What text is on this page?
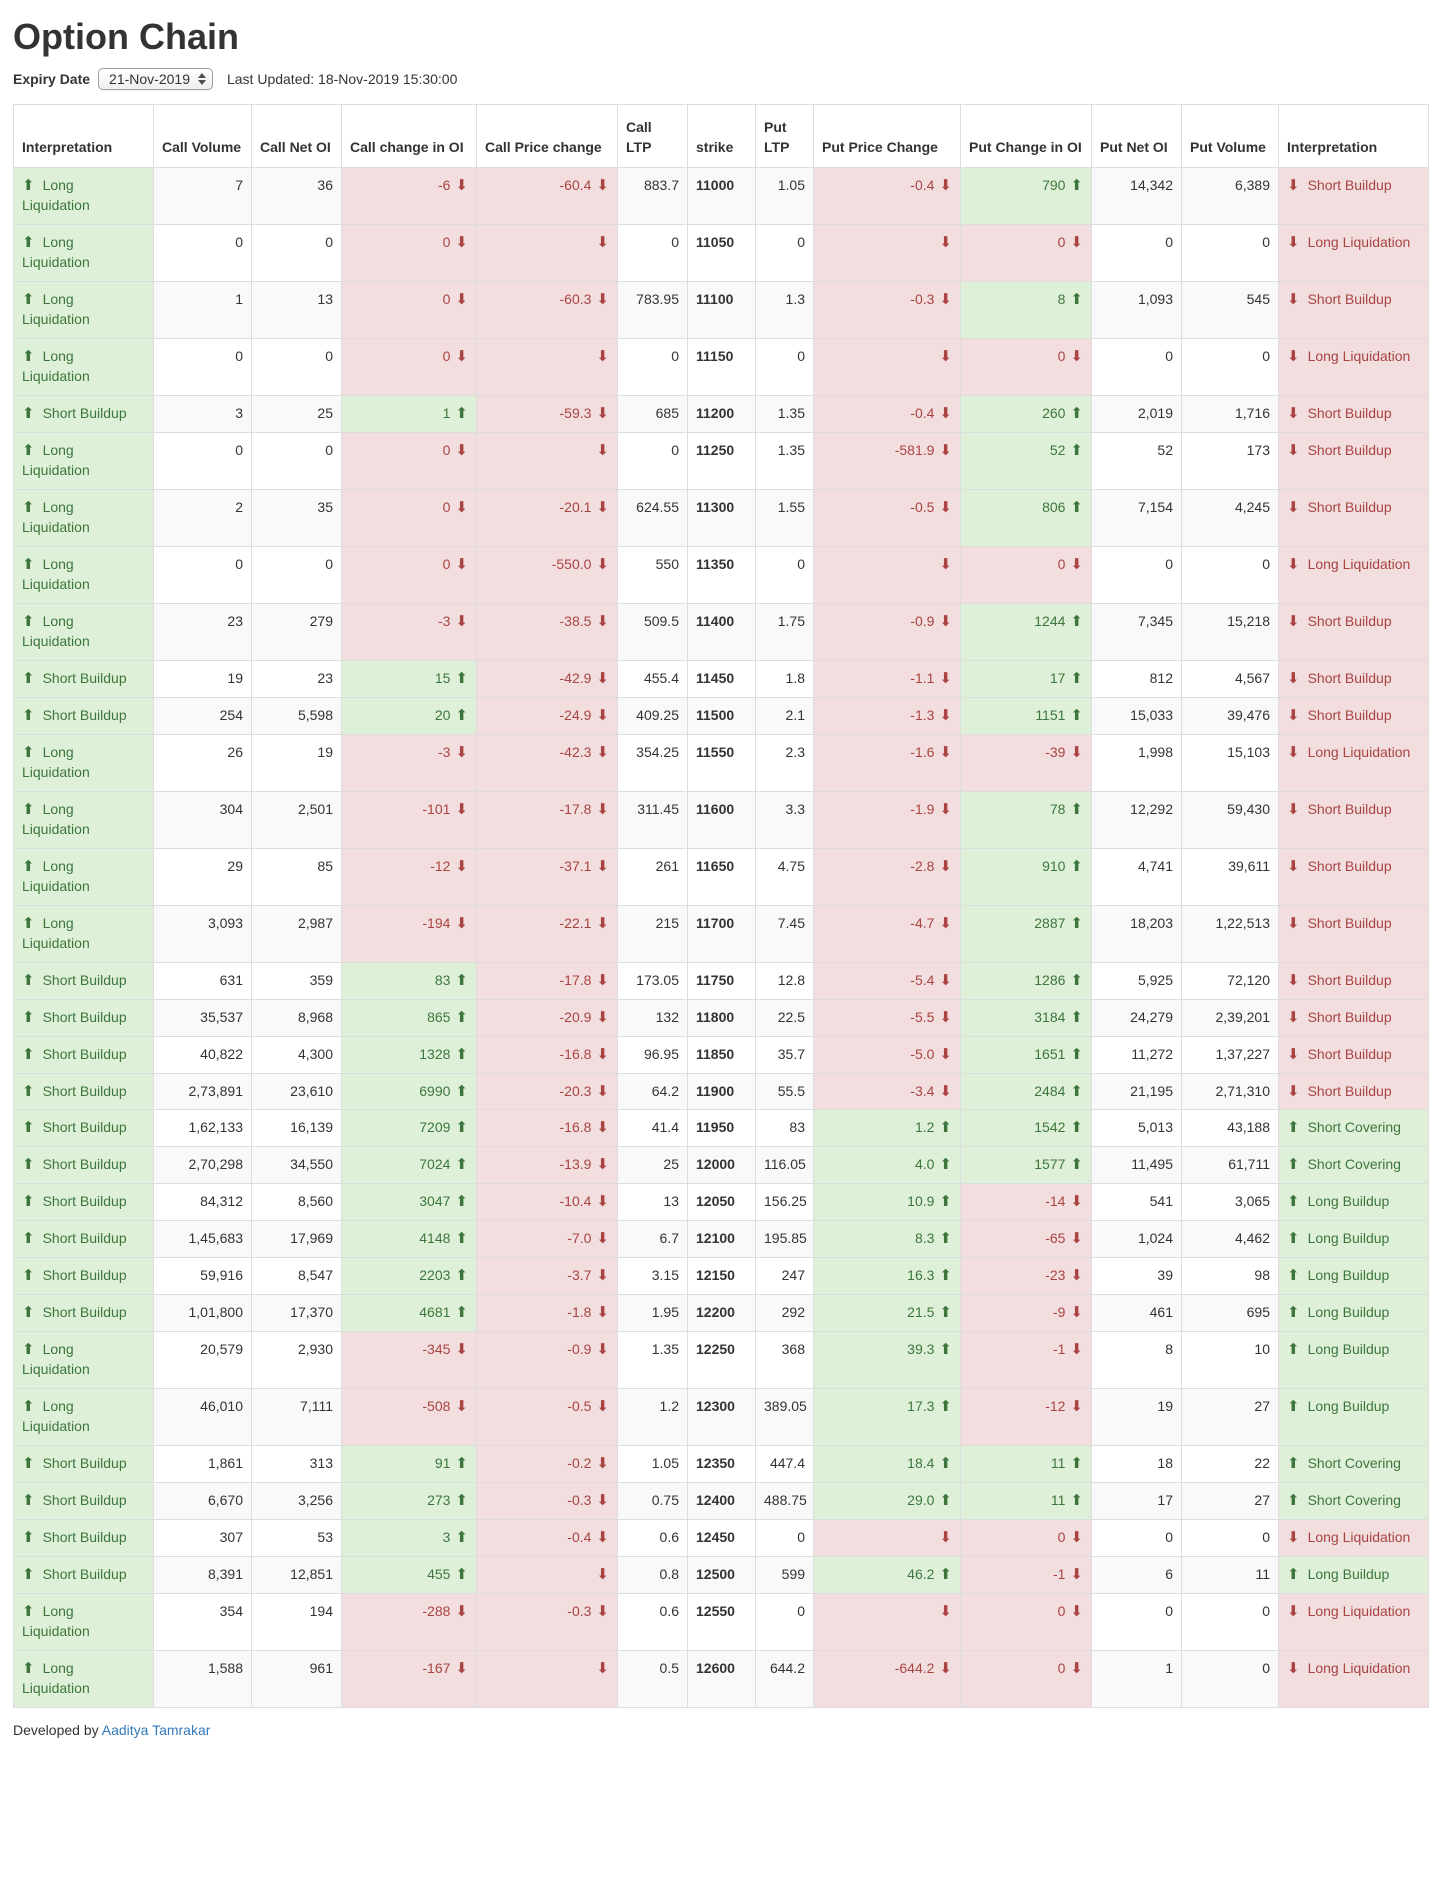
Option Chain
Expiry Date 21-Nov-2019	Last Updated: 18-Nov-2019 15:30:00
Interpretation	Call Volume	Call Net OI	Call change in OI	Call Price change	Call LTP	strike	Put LTP	Put Price Change	Put Change in OI	Put Net OI	Put Volume	Interpretation
⬆ Long Liquidation	7	36	-6 ⬇	-60.4 ⬇	883.7	11000	1.05	-0.4 ⬇	790 ⬆	14,342	6,389	⬇ Short Buildup
⬆ Long Liquidation	0	0	0 ⬇	⬇	0	11050	0	⬇	0 ⬇	0	0	⬇ Long Liquidation
⬆ Long Liquidation	1	13	0 ⬇	-60.3 ⬇	783.95	11100	1.3	-0.3 ⬇	8 ⬆	1,093	545	⬇ Short Buildup
⬆ Long Liquidation	0	0	0 ⬇	⬇	0	11150	0	⬇	0 ⬇	0	0	⬇ Long Liquidation
⬆ Short Buildup	3	25	1 ⬆	-59.3 ⬇	685	11200	1.35	-0.4 ⬇	260 ⬆	2,019	1,716	⬇ Short Buildup
⬆ Long Liquidation	0	0	0 ⬇	⬇	0	11250	1.35	-581.9 ⬇	52 ⬆	52	173	⬇ Short Buildup
⬆ Long Liquidation	2	35	0 ⬇	-20.1 ⬇	624.55	11300	1.55	-0.5 ⬇	806 ⬆	7,154	4,245	⬇ Short Buildup
⬆ Long Liquidation	0	0	0 ⬇	-550.0 ⬇	550	11350	0	⬇	0 ⬇	0	0	⬇ Long Liquidation
⬆ Long Liquidation	23	279	-3 ⬇	-38.5 ⬇	509.5	11400	1.75	-0.9 ⬇	1244 ⬆	7,345	15,218	⬇ Short Buildup
⬆ Short Buildup	19	23	15 ⬆	-42.9 ⬇	455.4	11450	1.8	-1.1 ⬇	17 ⬆	812	4,567	⬇ Short Buildup
⬆ Short Buildup	254	5,598	20 ⬆	-24.9 ⬇	409.25	11500	2.1	-1.3 ⬇	1151 ⬆	15,033	39,476	⬇ Short Buildup
⬆ Long Liquidation	26	19	-3 ⬇	-42.3 ⬇	354.25	11550	2.3	-1.6 ⬇	-39 ⬇	1,998	15,103	⬇ Long Liquidation
⬆ Long Liquidation	304	2,501	-101 ⬇	-17.8 ⬇	311.45	11600	3.3	-1.9 ⬇	78 ⬆	12,292	59,430	⬇ Short Buildup
⬆ Long Liquidation	29	85	-12 ⬇	-37.1 ⬇	261	11650	4.75	-2.8 ⬇	910 ⬆	4,741	39,611	⬇ Short Buildup
⬆ Long Liquidation	3,093	2,987	-194 ⬇	-22.1 ⬇	215	11700	7.45	-4.7 ⬇	2887 ⬆	18,203	1,22,513	⬇ Short Buildup
⬆ Short Buildup	631	359	83 ⬆	-17.8 ⬇	173.05	11750	12.8	-5.4 ⬇	1286 ⬆	5,925	72,120	⬇ Short Buildup
⬆ Short Buildup	35,537	8,968	865 ⬆	-20.9 ⬇	132	11800	22.5	-5.5 ⬇	3184 ⬆	24,279	2,39,201	⬇ Short Buildup
⬆ Short Buildup	40,822	4,300	1328 ⬆	-16.8 ⬇	96.95	11850	35.7	-5.0 ⬇	1651 ⬆	11,272	1,37,227	⬇ Short Buildup
⬆ Short Buildup	2,73,891	23,610	6990 ⬆	-20.3 ⬇	64.2	11900	55.5	-3.4 ⬇	2484 ⬆	21,195	2,71,310	⬇ Short Buildup
⬆ Short Buildup	1,62,133	16,139	7209 ⬆	-16.8 ⬇	41.4	11950	83	1.2 ⬆	1542 ⬆	5,013	43,188	⬆ Short Covering
⬆ Short Buildup	2,70,298	34,550	7024 ⬆	-13.9 ⬇	25	12000	116.05	4.0 ⬆	1577 ⬆	11,495	61,711	⬆ Short Covering
⬆ Short Buildup	84,312	8,560	3047 ⬆	-10.4 ⬇	13	12050	156.25	10.9 ⬆	-14 ⬇	541	3,065	⬆ Long Buildup
⬆ Short Buildup	1,45,683	17,969	4148 ⬆	-7.0 ⬇	6.7	12100	195.85	8.3 ⬆	-65 ⬇	1,024	4,462	⬆ Long Buildup
⬆ Short Buildup	59,916	8,547	2203 ⬆	-3.7 ⬇	3.15	12150	247	16.3 ⬆	-23 ⬇	39	98	⬆ Long Buildup
⬆ Short Buildup	1,01,800	17,370	4681 ⬆	-1.8 ⬇	1.95	12200	292	21.5 ⬆	-9 ⬇	461	695	⬆ Long Buildup
⬆ Long Liquidation	20,579	2,930	-345 ⬇	-0.9 ⬇	1.35	12250	368	39.3 ⬆	-1 ⬇	8	10	⬆ Long Buildup
⬆ Long Liquidation	46,010	7,111	-508 ⬇	-0.5 ⬇	1.2	12300	389.05	17.3 ⬆	-12 ⬇	19	27	⬆ Long Buildup
⬆ Short Buildup	1,861	313	91 ⬆	-0.2 ⬇	1.05	12350	447.4	18.4 ⬆	11 ⬆	18	22	⬆ Short Covering
⬆ Short Buildup	6,670	3,256	273 ⬆	-0.3 ⬇	0.75	12400	488.75	29.0 ⬆	11 ⬆	17	27	⬆ Short Covering
⬆ Short Buildup	307	53	3 ⬆	-0.4 ⬇	0.6	12450	0	⬇	0 ⬇	0	0	⬇ Long Liquidation
⬆ Short Buildup	8,391	12,851	455 ⬆	⬇	0.8	12500	599	46.2 ⬆	-1 ⬇	6	11	⬆ Long Buildup
⬆ Long Liquidation	354	194	-288 ⬇	-0.3 ⬇	0.6	12550	0	⬇	0 ⬇	0	0	⬇ Long Liquidation
⬆ Long Liquidation	1,588	961	-167 ⬇	⬇	0.5	12600	644.2	-644.2 ⬇	0 ⬇	1	0	⬇ Long Liquidation
Developed by Aaditya Tamrakar
